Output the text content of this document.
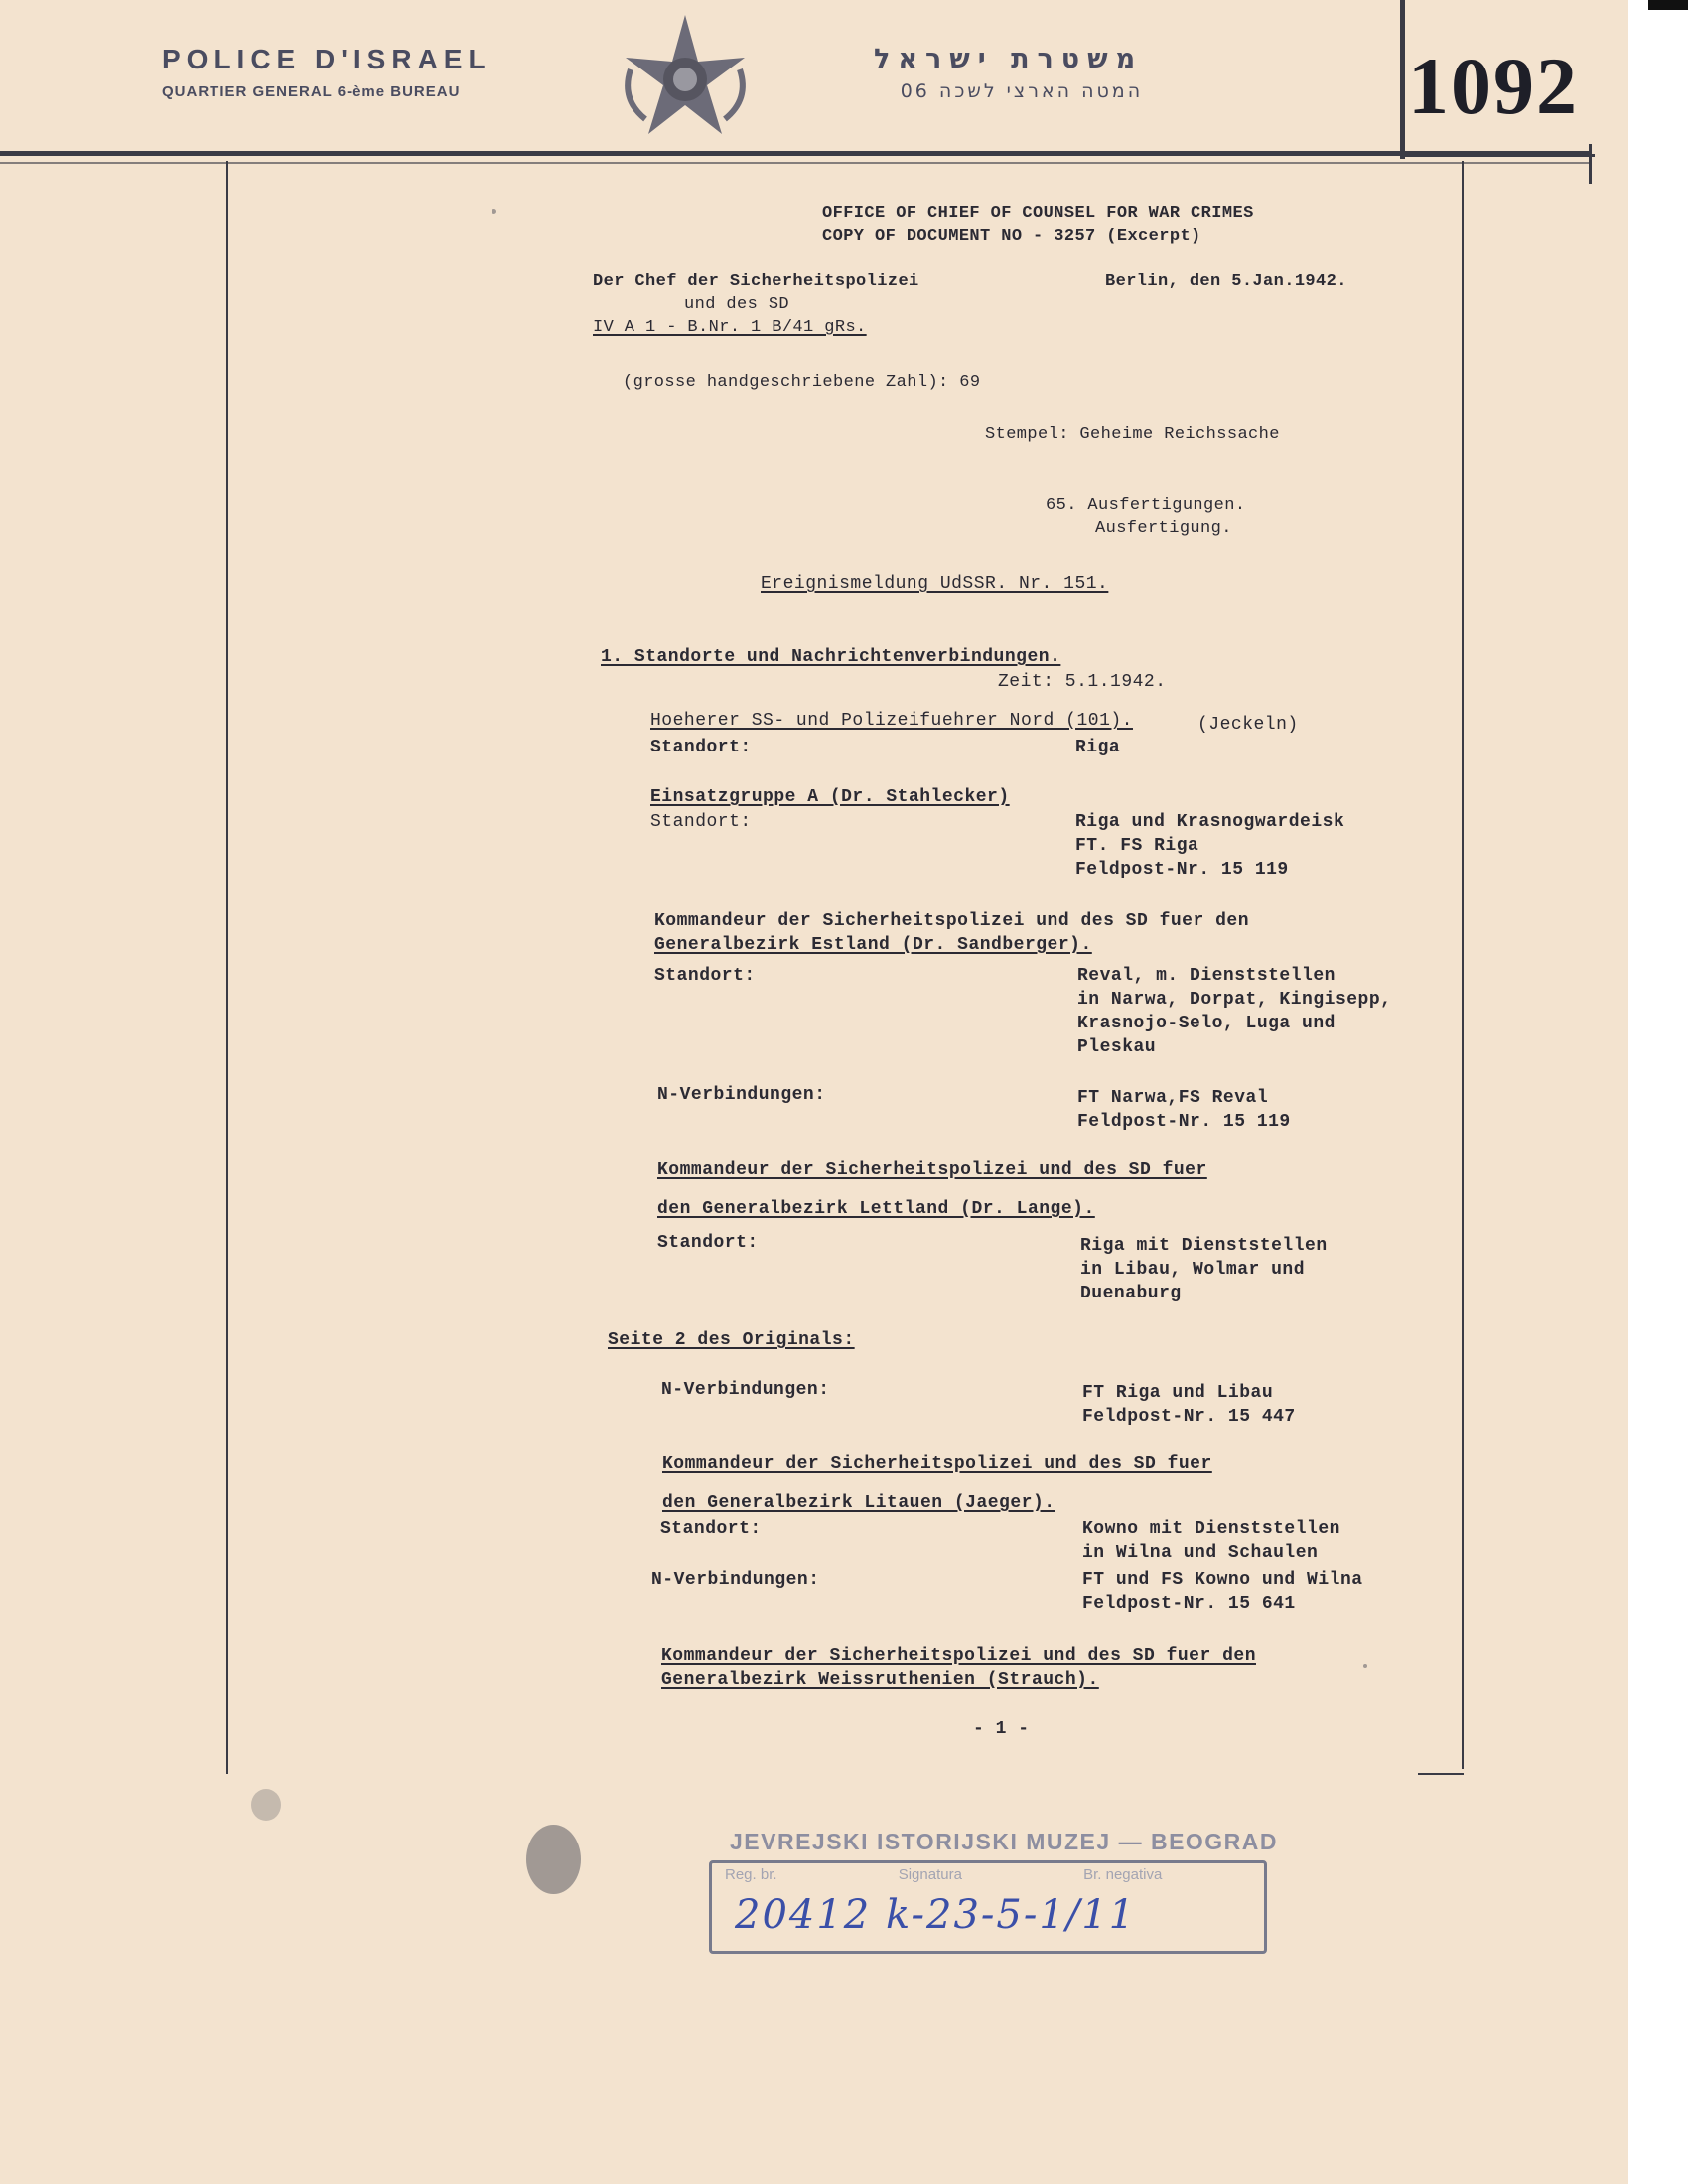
POLICE D'ISRAEL
QUARTIER GENERAL 6-ème BUREAU
משטרת ישראל
המטה הארצי לשכה 06	1092
OFFICE OF CHIEF OF COUNSEL FOR WAR CRIMES
COPY OF DOCUMENT NO - 3257 (Excerpt)
Der Chef der Sicherheitspolizei
und des SD
IV A 1 - B.Nr. 1 B/41 gRs.
Berlin, den 5.Jan.1942.
(grosse handgeschriebene Zahl): 69
Stempel: Geheime Reichssache
65. Ausfertigungen.
Ausfertigung.
Ereignismeldung UdSSR. Nr. 151.
1. Standorte und Nachrichtenverbindungen.
Zeit: 5.1.1942.
Hoeherer SS- und Polizeifuehrer Nord (101).	(Jeckeln)
Standort:	Riga
Einsatzgruppe A (Dr. Stahlecker)
Standort:	Riga und Krasnogwardeisk
FT. FS Riga
Feldpost-Nr. 15 119
Kommandeur der Sicherheitspolizei und des SD fuer den
Generalbezirk Estland (Dr. Sandberger).
Standort:	Reval, m. Dienststellen
in Narwa, Dorpat, Kingisepp,
Krasnojo-Selo, Luga und
Pleskau
N-Verbindungen:	FT Narwa,FS Reval
Feldpost-Nr. 15 119
Kommandeur der Sicherheitspolizei und des SD fuer
den Generalbezirk Lettland (Dr. Lange).
Standort:	Riga mit Dienststellen
in Libau, Wolmar und
Duenaburg
Seite 2 des Originals:
N-Verbindungen:	FT Riga und Libau
Feldpost-Nr. 15 447
Kommandeur der Sicherheitspolizei und des SD fuer
den Generalbezirk Litauen (Jaeger).
Standort:	Kowno mit Dienststellen
in Wilna und Schaulen
N-Verbindungen:	FT und FS Kowno und Wilna
Feldpost-Nr. 15 641
Kommandeur der Sicherheitspolizei und des SD fuer den
Generalbezirk Weissruthenien (Strauch).
- 1 -
JEVREJSKI ISTORIJSKI MUZEJ — BEOGRAD
Reg. br.	Signatura	Br. negativa
20412 k-23-5-1/11
